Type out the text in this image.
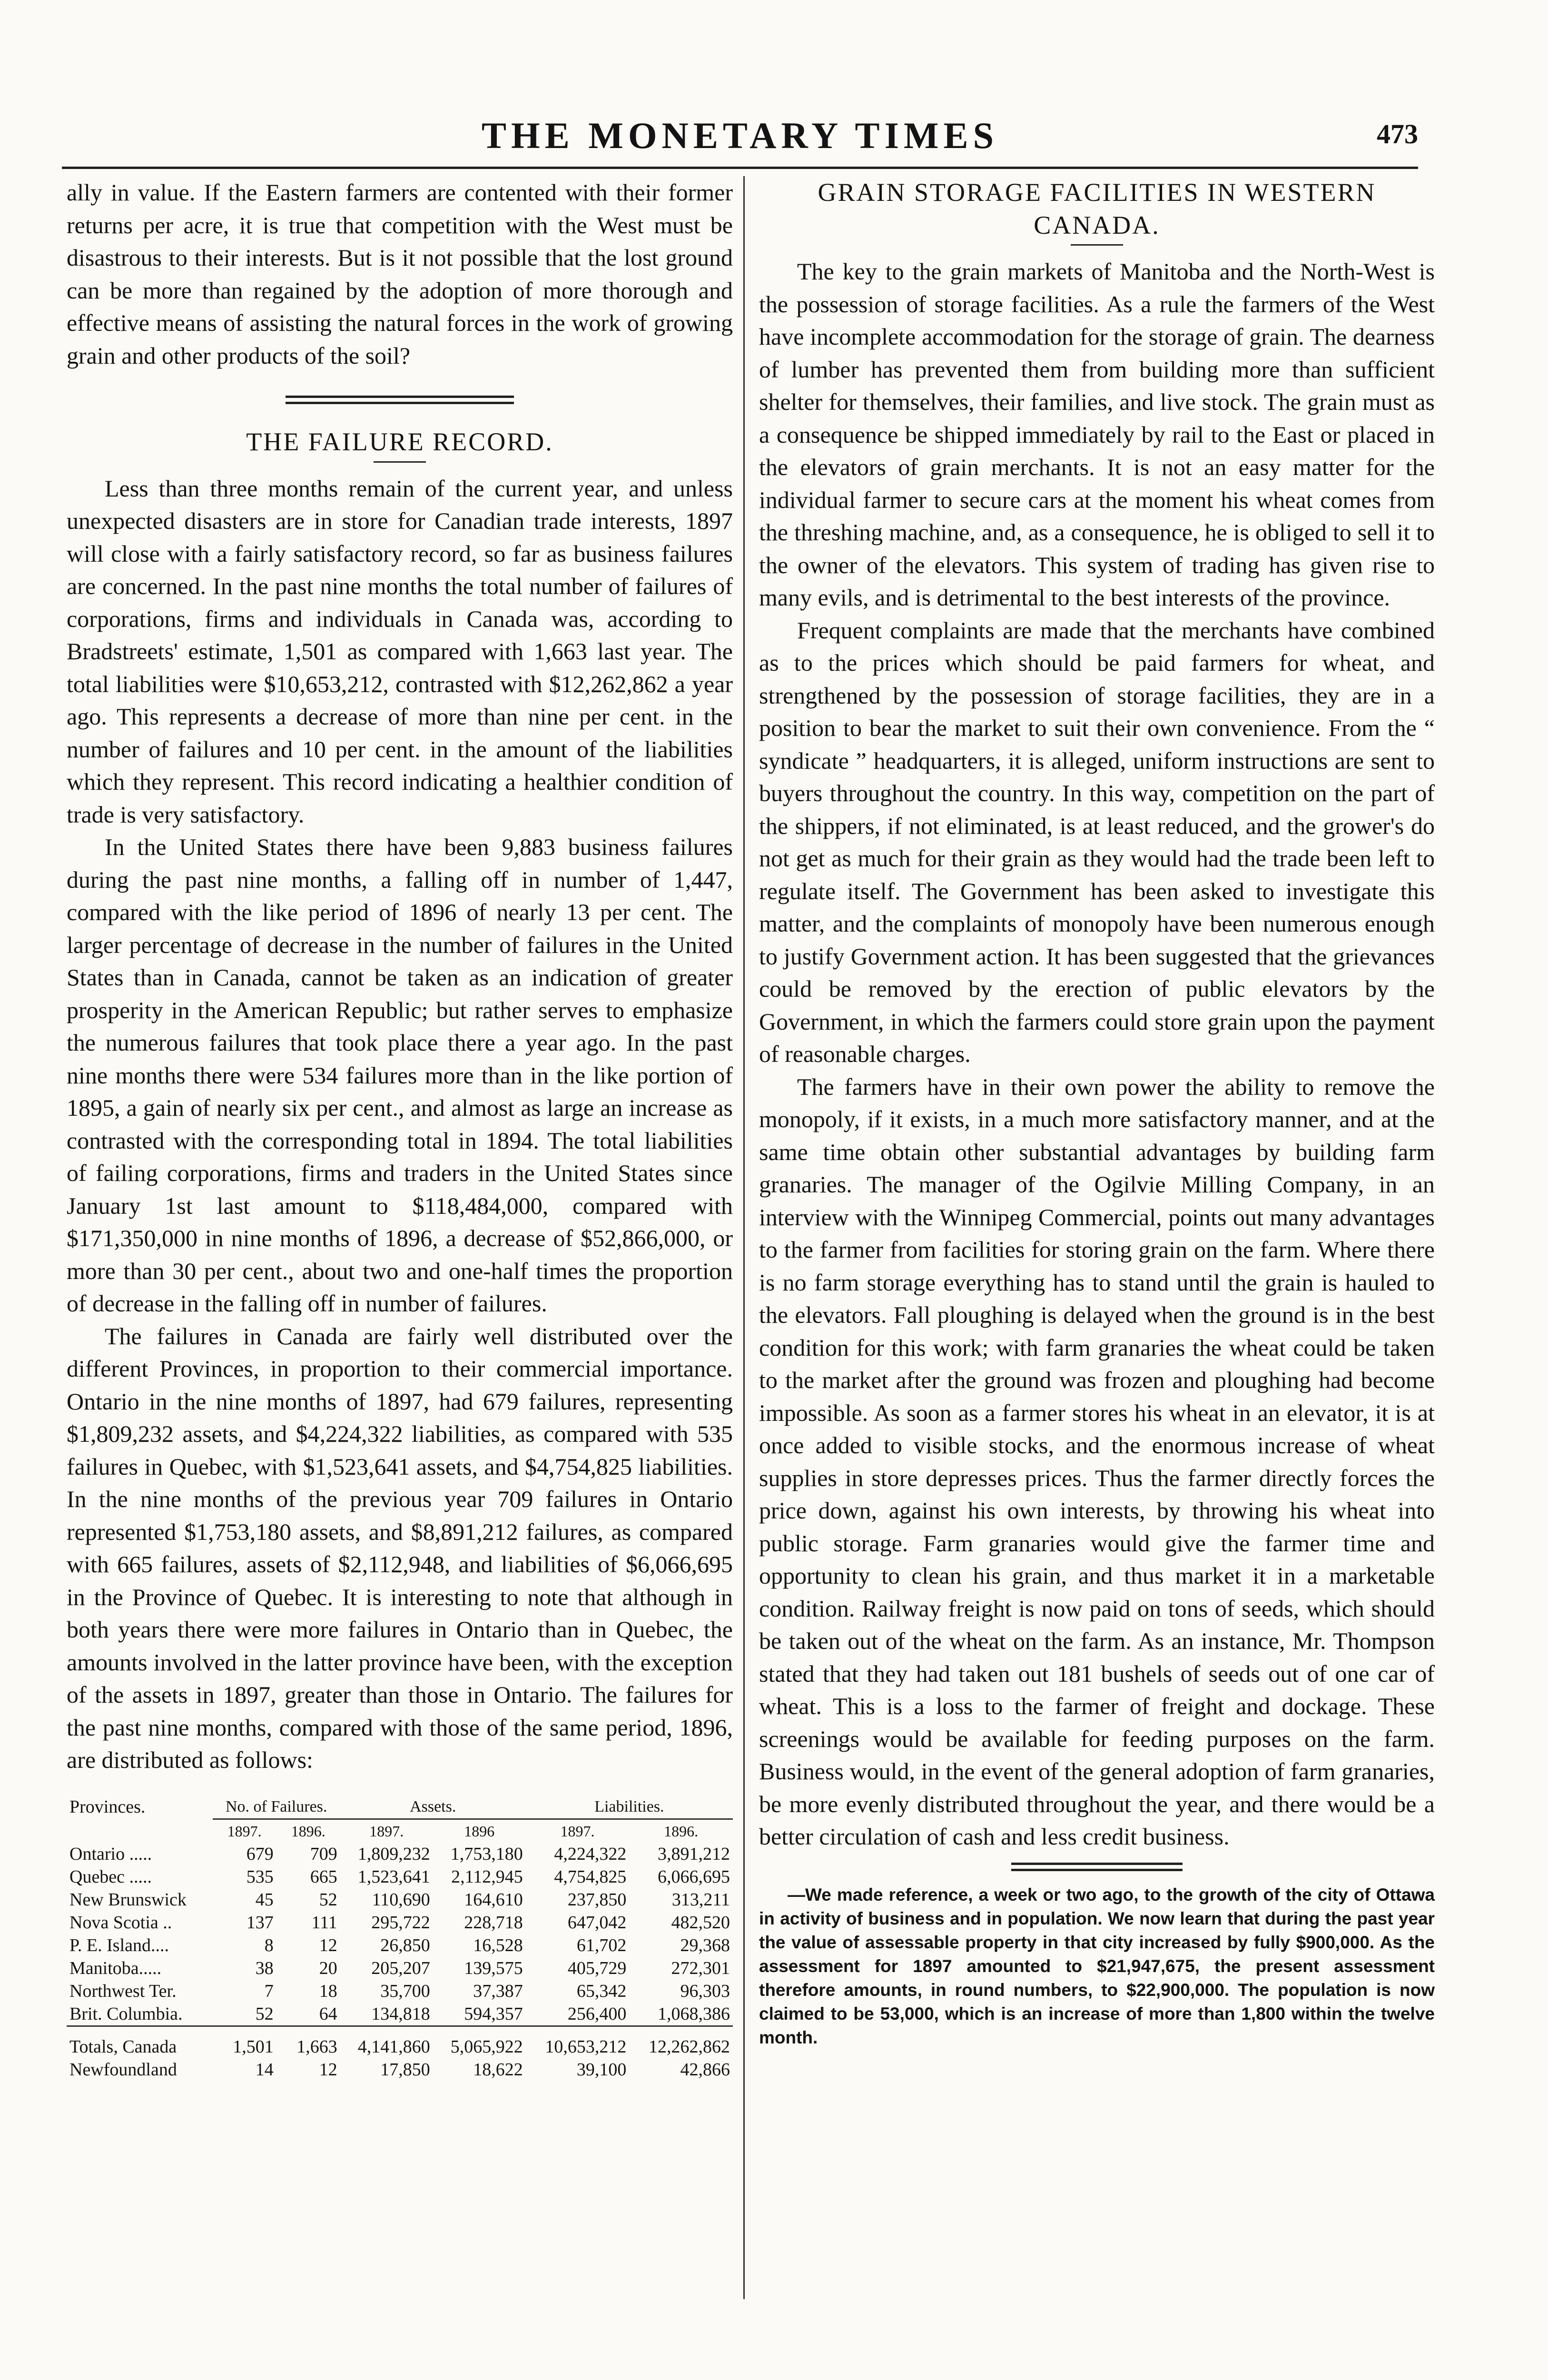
THE MONETARY TIMES	473

ally in value. If the Eastern farmers are contented with their former returns per acre, it is true that competition with the West must be disastrous to their interests. But is it not possible that the lost ground can be more than regained by the adoption of more thorough and effective means of assisting the natural forces in the work of growing grain and other products of the soil?

THE FAILURE RECORD.

Less than three months remain of the current year, and unless unexpected disasters are in store for Canadian trade interests, 1897 will close with a fairly satisfactory record, so far as business failures are concerned. In the past nine months the total number of failures of corporations, firms and individuals in Canada was, according to Bradstreets' estimate, 1,501 as compared with 1,663 last year. The total liabilities were $10,653,212, contrasted with $12,262,862 a year ago. This represents a decrease of more than nine per cent. in the number of failures and 10 per cent. in the amount of the liabilities which they represent. This record indicating a healthier condition of trade is very satisfactory.

In the United States there have been 9,883 business failures during the past nine months, a falling off in number of 1,447, compared with the like period of 1896 of nearly 13 per cent. The larger percentage of decrease in the number of failures in the United States than in Canada, cannot be taken as an indication of greater prosperity in the American Republic; but rather serves to emphasize the numerous failures that took place there a year ago. In the past nine months there were 534 failures more than in the like portion of 1895, a gain of nearly six per cent., and almost as large an increase as contrasted with the corresponding total in 1894. The total liabilities of failing corporations, firms and traders in the United States since January 1st last amount to $118,484,000, compared with $171,350,000 in nine months of 1896, a decrease of $52,866,000, or more than 30 per cent., about two and one-half times the proportion of decrease in the falling off in number of failures.

The failures in Canada are fairly well distributed over the different Provinces, in proportion to their commercial importance. Ontario in the nine months of 1897, had 679 failures, representing $1,809,232 assets, and $4,224,322 liabilities, as compared with 535 failures in Quebec, with $1,523,641 assets, and $4,754,825 liabilities. In the nine months of the previous year 709 failures in Ontario represented $1,753,180 assets, and $8,891,212 failures, as compared with 665 failures, assets of $2,112,948, and liabilities of $6,066,695 in the Province of Quebec. It is interesting to note that although in both years there were more failures in Ontario than in Quebec, the amounts involved in the latter province have been, with the exception of the assets in 1897, greater than those in Ontario. The failures for the past nine months, compared with those of the same period, 1896, are distributed as follows:

Provinces.	No. of Failures.		Assets.		Liabilities.	
	1897.	1896.	1897.	1896	1897.	1896.
Ontario .....	679	709	1,809,232	1,753,180	4,224,322	3,891,212
Quebec .....	535	665	1,523,641	2,112,945	4,754,825	6,066,695
New Brunswick	45	52	110,690	164,610	237,850	313,211
Nova Scotia ..	137	111	295,722	228,718	647,042	482,520
P. E. Island....	8	12	26,850	16,528	61,702	29,368
Manitoba.....	38	20	205,207	139,575	405,729	272,301
Northwest Ter.	7	18	35,700	37,387	65,342	96,303
Brit. Columbia.	52	64	134,818	594,357	256,400	1,068,386
Totals, Canada	1,501	1,663	4,141,860	5,065,922	10,653,212	12,262,862
Newfoundland	14	12	17,850	18,622	39,100	42,866

GRAIN STORAGE FACILITIES IN WESTERN CANADA.

The key to the grain markets of Manitoba and the North-West is the possession of storage facilities. As a rule the farmers of the West have incomplete accommodation for the storage of grain. The dearness of lumber has prevented them from building more than sufficient shelter for themselves, their families, and live stock. The grain must as a consequence be shipped immediately by rail to the East or placed in the elevators of grain merchants. It is not an easy matter for the individual farmer to secure cars at the moment his wheat comes from the threshing machine, and, as a consequence, he is obliged to sell it to the owner of the elevators. This system of trading has given rise to many evils, and is detrimental to the best interests of the province.

Frequent complaints are made that the merchants have combined as to the prices which should be paid farmers for wheat, and strengthened by the possession of storage facilities, they are in a position to bear the market to suit their own convenience. From the “ syndicate ” headquarters, it is alleged, uniform instructions are sent to buyers throughout the country. In this way, competition on the part of the shippers, if not eliminated, is at least reduced, and the grower's do not get as much for their grain as they would had the trade been left to regulate itself. The Government has been asked to investigate this matter, and the complaints of monopoly have been numerous enough to justify Government action. It has been suggested that the grievances could be removed by the erection of public elevators by the Government, in which the farmers could store grain upon the payment of reasonable charges.

The farmers have in their own power the ability to remove the monopoly, if it exists, in a much more satisfactory manner, and at the same time obtain other substantial advantages by building farm granaries. The manager of the Ogilvie Milling Company, in an interview with the Winnipeg Commercial, points out many advantages to the farmer from facilities for storing grain on the farm. Where there is no farm storage everything has to stand until the grain is hauled to the elevators. Fall ploughing is delayed when the ground is in the best condition for this work; with farm granaries the wheat could be taken to the market after the ground was frozen and ploughing had become impossible. As soon as a farmer stores his wheat in an elevator, it is at once added to visible stocks, and the enormous increase of wheat supplies in store depresses prices. Thus the farmer directly forces the price down, against his own interests, by throwing his wheat into public storage. Farm granaries would give the farmer time and opportunity to clean his grain, and thus market it in a marketable condition. Railway freight is now paid on tons of seeds, which should be taken out of the wheat on the farm. As an instance, Mr. Thompson stated that they had taken out 181 bushels of seeds out of one car of wheat. This is a loss to the farmer of freight and dockage. These screenings would be available for feeding purposes on the farm. Business would, in the event of the general adoption of farm granaries, be more evenly distributed throughout the year, and there would be a better circulation of cash and less credit business.

—We made reference, a week or two ago, to the growth of the city of Ottawa in activity of business and in population. We now learn that during the past year the value of assessable property in that city increased by fully $900,000. As the assessment for 1897 amounted to $21,947,675, the present assessment therefore amounts, in round numbers, to $22,900,000. The population is now claimed to be 53,000, which is an increase of more than 1,800 within the twelve month.
